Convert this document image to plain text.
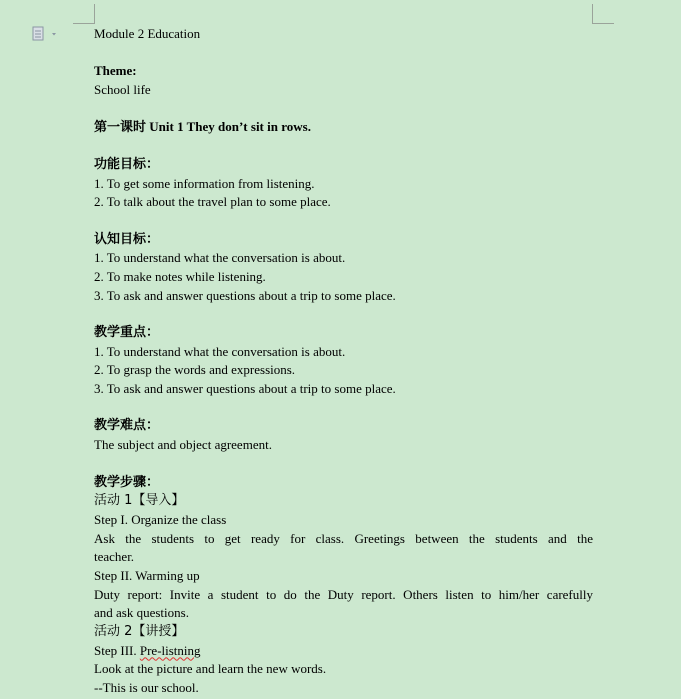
Module 2 Education
Theme:
School life
第一课时 Unit 1 They don’t sit in rows.
功能目标：
1. To get some information from listening.
2. To talk about the travel plan to some place.
认知目标：
1. To understand what the conversation is about.
2. To make notes while listening.
3. To ask and answer questions about a trip to some place.
教学重点：
1. To understand what the conversation is about.
2. To grasp the words and expressions.
3. To ask and answer questions about a trip to some place.
教学难点：
The subject and object agreement.
教学步骤：
活动 1【导入】
Step I. Organize the class
Ask the students to get ready for class. Greetings between the students and the
teacher.
Step II. Warming up
Duty report: Invite a student to do the Duty report. Others listen to him/her carefully
and ask questions.
活动 2【讲授】
Step III. Pre-listning
Look at the picture and learn the new words.
--This is our school.
